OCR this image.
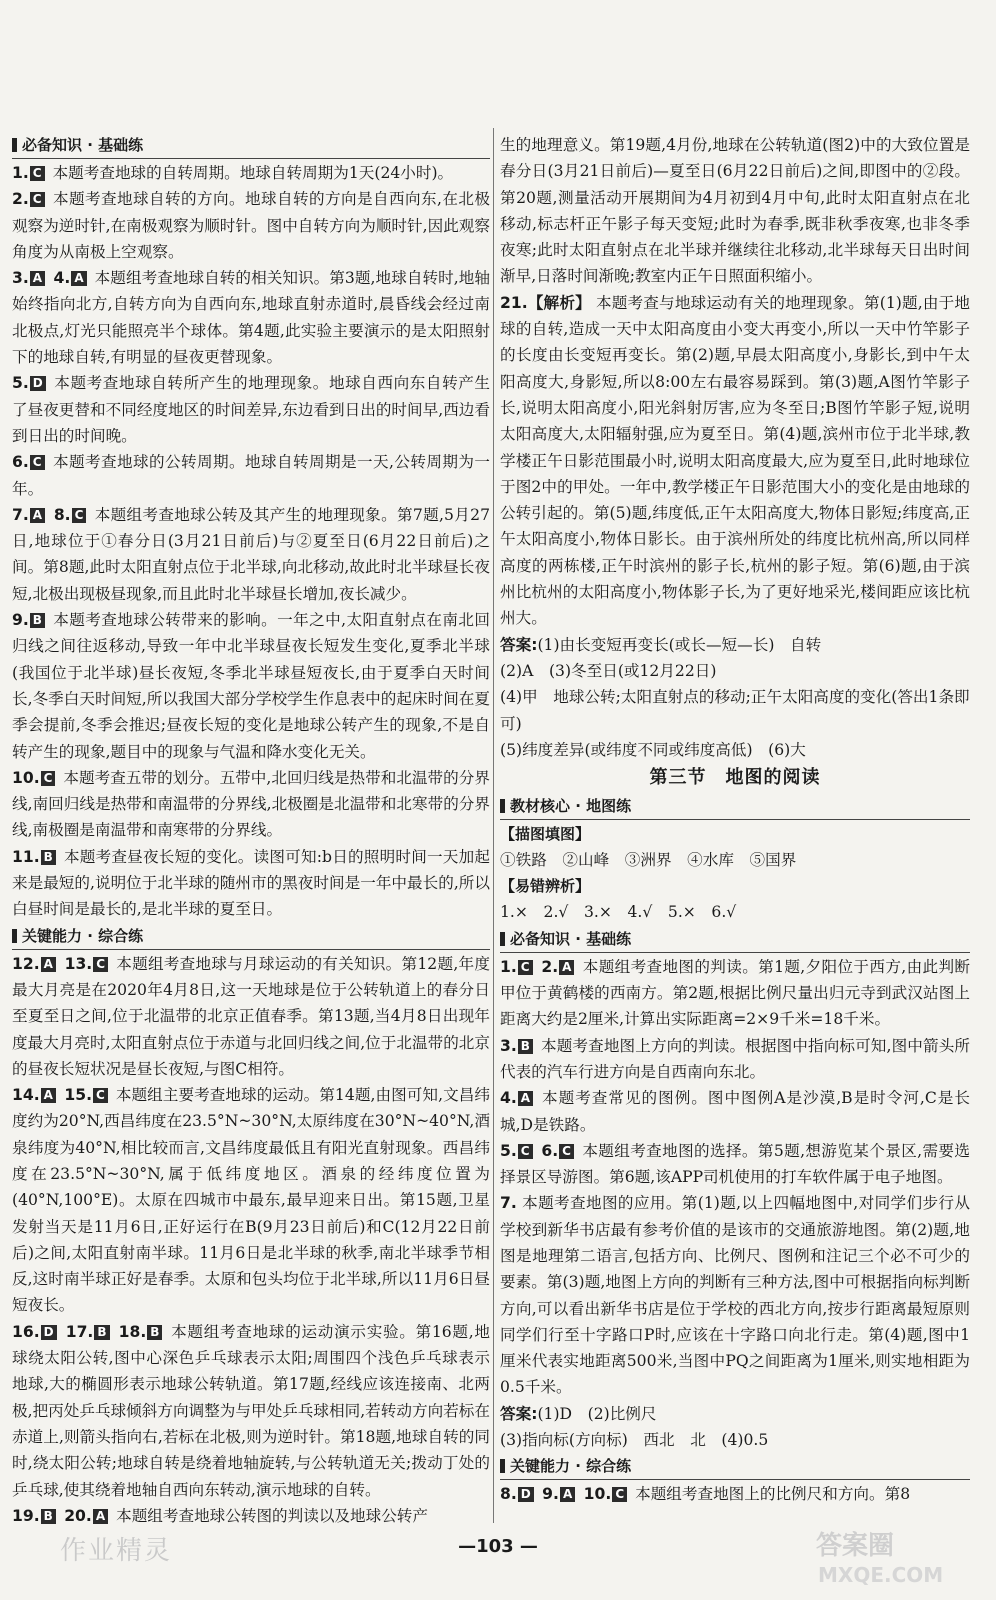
必备知识 · 基础练

1. C 本题考查地球的自转周期。地球自转周期为1天(24小时)。

2. C 本题考查地球自转的方向。地球自转的方向是自西向东,在北极观察为逆时针,在南极观察为顺时针。图中自转方向为顺时针,因此观察角度为从南极上空观察。

3. A 4. A 本题组考查地球自转的相关知识。第3题,地球自转时,地轴始终指向北方,自转方向为自西向东,地球直射赤道时,晨昏线会经过南北极点,灯光只能照亮半个球体。第4题,此实验主要演示的是太阳照射下的地球自转,有明显的昼夜更替现象。

5. D 本题考查地球自转所产生的地理现象。地球自西向东自转产生了昼夜更替和不同经度地区的时间差异,东边看到日出的时间早,西边看到日出的时间晚。

6. C 本题考查地球的公转周期。地球自转周期是一天,公转周期为一年。

7. A 8. C 本题组考查地球公转及其产生的地理现象。第7题,5月27日,地球位于①春分日(3月21日前后)与②夏至日(6月22日前后)之间。第8题,此时太阳直射点位于北半球,向北移动,故此时北半球昼长夜短,北极出现极昼现象,而且此时北半球昼长增加,夜长减少。

9. B 本题考查地球公转带来的影响。一年之中,太阳直射点在南北回归线之间往返移动,导致一年中北半球昼夜长短发生变化,夏季北半球(我国位于北半球)昼长夜短,冬季北半球昼短夜长,由于夏季白天时间长,冬季白天时间短,所以我国大部分学校学生作息表中的起床时间在夏季会提前,冬季会推迟;昼夜长短的变化是地球公转产生的现象,不是自转产生的现象,题目中的现象与气温和降水变化无关。

10. C 本题考查五带的划分。五带中,北回归线是热带和北温带的分界线,南回归线是热带和南温带的分界线,北极圈是北温带和北寒带的分界线,南极圈是南温带和南寒带的分界线。

11. B 本题考查昼夜长短的变化。读图可知:b日的照明时间一天加起来是最短的,说明位于北半球的随州市的黑夜时间是一年中最长的,所以白昼时间是最长的,是北半球的夏至日。

关键能力 · 综合练

12. A 13. C 本题组考查地球与月球运动的有关知识。第12题,年度最大月亮是在2020年4月8日,这一天地球是位于公转轨道上的春分日至夏至日之间,位于北温带的北京正值春季。第13题,当4月8日出现年度最大月亮时,太阳直射点位于赤道与北回归线之间,位于北温带的北京的昼夜长短状况是昼长夜短,与图C相符。

14. A 15. C 本题组主要考查地球的运动。第14题,由图可知,文昌纬度约为20°N,西昌纬度在23.5°N~30°N,太原纬度在30°N~40°N,酒泉纬度为40°N,相比较而言,文昌纬度最低且有阳光直射现象。西昌纬度在23.5°N~30°N,属于低纬度地区。酒泉的经纬度位置为(40°N,100°E)。太原在四城市中最东,最早迎来日出。第15题,卫星发射当天是11月6日,正好运行在B(9月23日前后)和C(12月22日前后)之间,太阳直射南半球。11月6日是北半球的秋季,南北半球季节相反,这时南半球正好是春季。太原和包头均位于北半球,所以11月6日昼短夜长。

16. D 17. B 18. B 本题组考查地球的运动演示实验。第16题,地球绕太阳公转,图中心深色乒乓球表示太阳;周围四个浅色乒乓球表示地球,大的椭圆形表示地球公转轨道。第17题,经线应该连接南、北两极,把丙处乒乓球倾斜方向调整为与甲处乒乓球相同,若转动方向若标在赤道上,则箭头指向右,若标在北极,则为逆时针。第18题,地球自转的同时,绕太阳公转;地球自转是绕着地轴旋转,与公转轨道无关;拨动丁处的乒乓球,使其绕着地轴自西向东转动,演示地球的自转。

19. B 20. A 本题组考查地球公转图的判读以及地球公转产

生的地理意义。第19题,4月份,地球在公转轨道(图2)中的大致位置是春分日(3月21日前后)—夏至日(6月22日前后)之间,即图中的②段。第20题,测量活动开展期间为4月初到4月中旬,此时太阳直射点在北移动,标志杆正午影子每天变短;此时为春季,既非秋季夜寒,也非冬季夜寒;此时太阳直射点在北半球并继续往北移动,北半球每天日出时间渐早,日落时间渐晚;教室内正午日照面积缩小。

21.【解析】 本题考查与地球运动有关的地理现象。第(1)题,由于地球的自转,造成一天中太阳高度由小变大再变小,所以一天中竹竿影子的长度由长变短再变长。第(2)题,早晨太阳高度小,身影长,到中午太阳高度大,身影短,所以8:00左右最容易踩到。第(3)题,A图竹竿影子长,说明太阳高度小,阳光斜射厉害,应为冬至日;B图竹竿影子短,说明太阳高度大,太阳辐射强,应为夏至日。第(4)题,滨州市位于北半球,教学楼正午日影范围最小时,说明太阳高度最大,应为夏至日,此时地球位于图2中的甲处。一年中,教学楼正午日影范围大小的变化是由地球的公转引起的。第(5)题,纬度低,正午太阳高度大,物体日影短;纬度高,正午太阳高度小,物体日影长。由于滨州所处的纬度比杭州高,所以同样高度的两栋楼,正午时滨州的影子长,杭州的影子短。第(6)题,由于滨州比杭州的太阳高度小,物体影子长,为了更好地采光,楼间距应该比杭州大。

答案:(1)由长变短再变长(或长—短—长)　自转

(2)A　(3)冬至日(或12月22日)

(4)甲　地球公转;太阳直射点的移动;正午太阳高度的变化(答出1条即可)

(5)纬度差异(或纬度不同或纬度高低)　(6)大

第三节　地图的阅读
教材核心 · 地图练
【描图填图】

①铁路　②山峰　③洲界　④水库　⑤国界

【易错辨析】

1.×　2.√　3.×　4.√　5.×　6.√

必备知识 · 基础练

1. C 2. A 本题组考查地图的判读。第1题,夕阳位于西方,由此判断甲位于黄鹤楼的西南方。第2题,根据比例尺量出归元寺到武汉站图上距离大约是2厘米,计算出实际距离=2×9千米=18千米。

3. B 本题考查地图上方向的判读。根据图中指向标可知,图中箭头所代表的汽车行进方向是自西南向东北。

4. A 本题考查常见的图例。图中图例A是沙漠,B是时令河,C是长城,D是铁路。

5. C 6. C 本题组考查地图的选择。第5题,想游览某个景区,需要选择景区导游图。第6题,该APP司机使用的打车软件属于电子地图。

7. 本题考查地图的应用。第(1)题,以上四幅地图中,对同学们步行从学校到新华书店最有参考价值的是该市的交通旅游地图。第(2)题,地图是地理第二语言,包括方向、比例尺、图例和注记三个必不可少的要素。第(3)题,地图上方向的判断有三种方法,图中可根据指向标判断方向,可以看出新华书店是位于学校的西北方向,按步行距离最短原则同学们行至十字路口P时,应该在十字路口向北行走。第(4)题,图中1厘米代表实地距离500米,当图中PQ之间距离为1厘米,则实地相距为0.5千米。

答案:(1)D　(2)比例尺

(3)指向标(方向标)　西北　北　(4)0.5

关键能力 · 综合练

8. D 9. A 10. C 本题组考查地图上的比例尺和方向。第8

—103 —
作业精灵	答案圈
MXQE.COM
